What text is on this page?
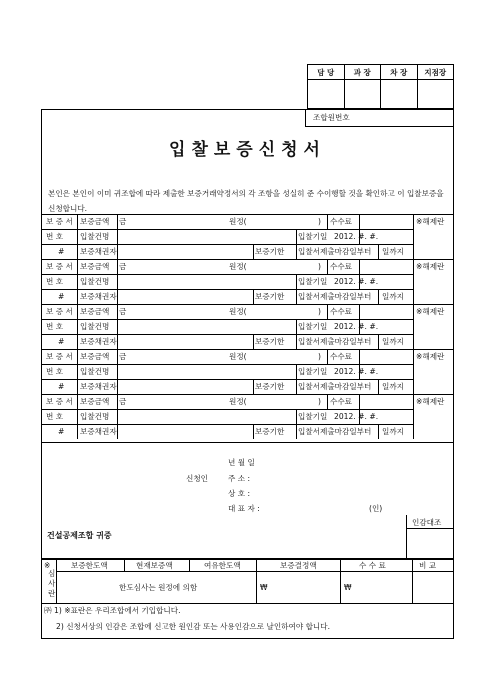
담 당	과 장	차 장	지점장

조합원번호
입찰보증신청서
본인은 본인이 이미 귀조합에 따라 제출한 보증거래약정서의 각 조항을 성실히 준 수이행할 것을 확인하고 이 입찰보증을 신청합니다.
보 증 서 보증금액 금	원정(	) 수수료	※해제란
번 호 입찰건명	입찰기일 2012. #. #.
# 보증채권자	보증기한 입찰서제출마감일부터 일까지
보 증 서 보증금액 금	원정(	) 수수료	※해제란
번 호 입찰건명	입찰기일 2012. #. #.
# 보증채권자	보증기한 입찰서제출마감일부터 일까지
보 증 서 보증금액 금	원정(	) 수수료	※해제란
번 호 입찰건명	입찰기일 2012. #. #.
# 보증채권자	보증기한 입찰서제출마감일부터 일까지
보 증 서 보증금액 금	원정(	) 수수료	※해제란
번 호 입찰건명	입찰기일 2012. #. #.
# 보증채권자	보증기한 입찰서제출마감일부터 일까지
보 증 서 보증금액 금	원정(	) 수수료	※해제란
번 호 입찰건명	입찰기일 2012. #. #.
# 보증채권자	보증기한 입찰서제출마감일부터 일까지
년 월 일
신청인	주 소 :
상 호 :
대 표 자 :	(인)
인감대조
건설공제조합 귀중
※
심
사
란
보증한도액	현재보증액	여유한도액	보증결정액	수 수 료	비 교
한도심사는 원정에 의함	₩	₩
㈜ 1) ※표란은 우리조합에서 기입합니다.
2) 신청서상의 인감은 조합에 신고한 원인감 또는 사용인감으로 날인하여야 합니다.
